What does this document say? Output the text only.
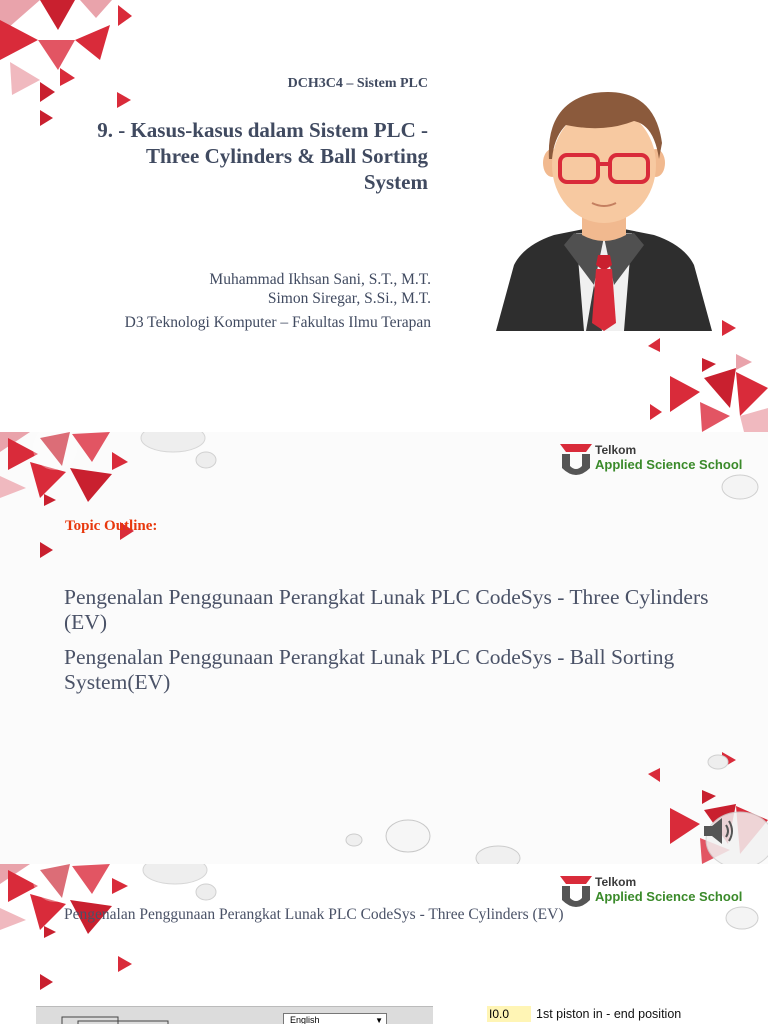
DCH3C4 – Sistem PLC
9. - Kasus-kasus dalam Sistem PLC -
Three Cylinders & Ball Sorting
System
Muhammad Ikhsan Sani, S.T., M.T.
Simon Siregar, S.Si., M.T.
D3 Teknologi Komputer – Fakultas Ilmu Terapan
Telkom
Applied Science School
Topic Outline:
Pengenalan Penggunaan Perangkat Lunak PLC CodeSys - Three Cylinders (EV)
Pengenalan Penggunaan Perangkat Lunak PLC CodeSys - Ball Sorting System(EV)
Telkom
Applied Science School
Pengenalan Penggunaan Perangkat Lunak PLC CodeSys - Three Cylinders (EV)
English	▼	I0.0	1st piston in - end position
